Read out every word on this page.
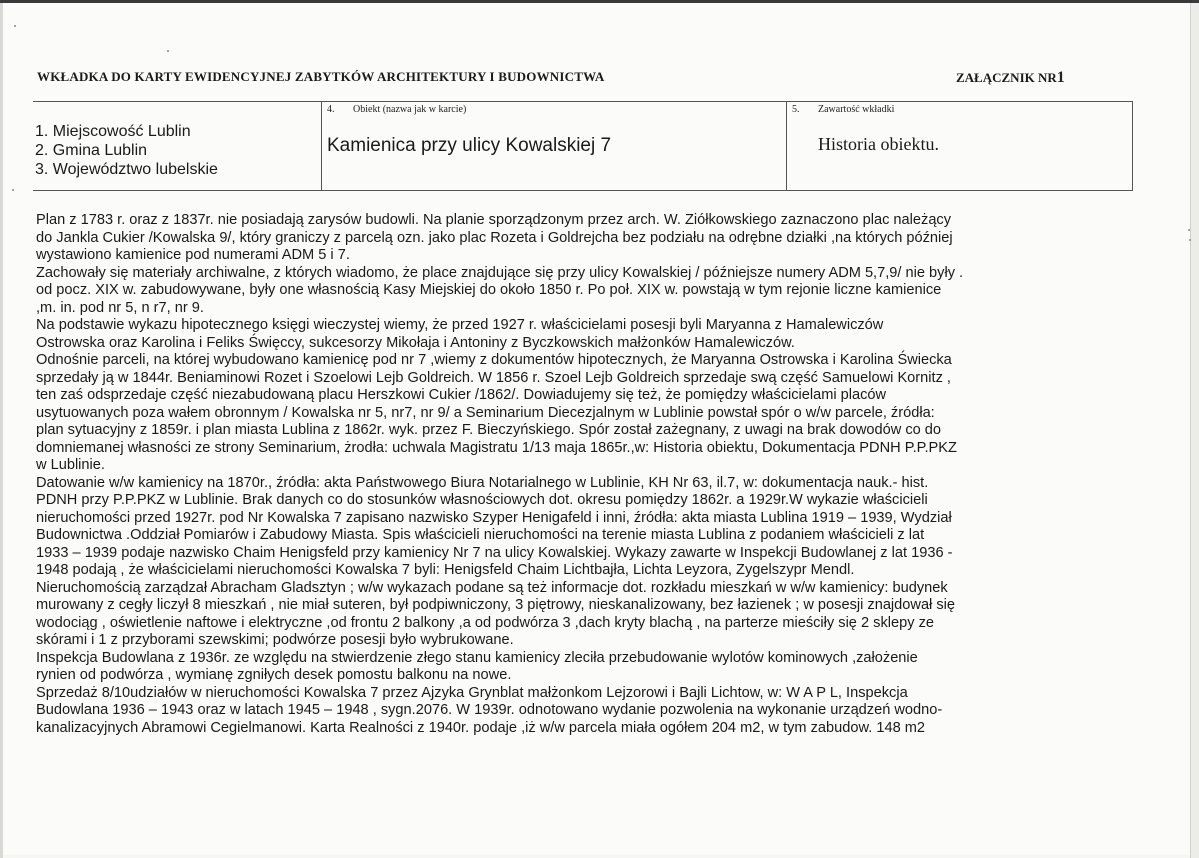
WKŁADKA DO KARTY EWIDENCYJNEJ ZABYTKÓW ARCHITEKTURY I BUDOWNICTWA	ZAŁĄCZNIK NR1
1. Miejscowość Lublin
2. Gmina Lublin
3. Województwo lubelskie
4. Obiekt (nazwa jak w karcie)
Kamienica przy ulicy Kowalskiej 7
5. Zawartość wkładki
Historia obiektu.

Plan z 1783 r. oraz z 1837r. nie posiadają zarysów budowli. Na planie sporządzonym przez arch. W. Ziółkowskiego zaznaczono plac należący

do Jankla Cukier /Kowalska 9/, który graniczy z parcelą ozn. jako plac Rozeta i Goldrejcha bez podziału na odrębne działki ,na których później

wystawiono kamienice pod numerami ADM 5 i 7.

Zachowały się materiały archiwalne, z których wiadomo, że place znajdujące się przy ulicy Kowalskiej / późniejsze numery ADM 5,7,9/ nie były .

od pocz. XIX w. zabudowywane, były one własnością Kasy Miejskiej do około 1850 r. Po poł. XIX w. powstają w tym rejonie liczne kamienice

,m. in. pod nr 5, n r7, nr 9.

Na podstawie wykazu hipotecznego księgi wieczystej wiemy, że przed 1927 r. właścicielami posesji byli Maryanna z Hamalewiczów

Ostrowska oraz Karolina i Feliks Święccy, sukcesorzy Mikołaja i Antoniny z Byczkowskich małżonków Hamalewiczów.

Odnośnie parceli, na której wybudowano kamienicę pod nr 7 ,wiemy z dokumentów hipotecznych, że Maryanna Ostrowska i Karolina Świecka

sprzedały ją w 1844r. Beniaminowi Rozet i Szoelowi Lejb Goldreich. W 1856 r. Szoel Lejb Goldreich sprzedaje swą część Samuelowi Kornitz ,

ten zaś odsprzedaje część niezabudowaną placu Herszkowi Cukier /1862/. Dowiadujemy się też, że pomiędzy właścicielami placów

usytuowanych poza wałem obronnym / Kowalska nr 5, nr7, nr 9/ a Seminarium Diecezjalnym w Lublinie powstał spór o w/w parcele, źródła:

plan sytuacyjny z 1859r. i plan miasta Lublina z 1862r. wyk. przez F. Bieczyńskiego. Spór został zażegnany, z uwagi na brak dowodów co do

domniemanej własności ze strony Seminarium, żrodła: uchwala Magistratu 1/13 maja 1865r.,w: Historia obiektu, Dokumentacja PDNH P.P.PKZ

w Lublinie.

Datowanie w/w kamienicy na 1870r., źródła: akta Państwowego Biura Notarialnego w Lublinie, KH Nr 63, il.7, w: dokumentacja nauk.- hist.

PDNH przy P.P.PKZ w Lublinie. Brak danych co do stosunków własnościowych dot. okresu pomiędzy 1862r. a 1929r.W wykazie właścicieli

nieruchomości przed 1927r. pod Nr Kowalska 7 zapisano nazwisko Szyper Henigafeld i inni, źródła: akta miasta Lublina 1919 – 1939, Wydział

Budownictwa .Oddział Pomiarów i Zabudowy Miasta. Spis właścicieli nieruchomości na terenie miasta Lublina z podaniem właścicieli z lat

1933 – 1939 podaje nazwisko Chaim Henigsfeld przy kamienicy Nr 7 na ulicy Kowalskiej. Wykazy zawarte w Inspekcji Budowlanej z lat 1936 -

1948 podają , że właścicielami nieruchomości Kowalska 7 byli: Henigsfeld Chaim Lichtbajła, Lichta Leyzora, Zygelszypr Mendl.

Nieruchomością zarządzał Abracham Gladsztyn ; w/w wykazach podane są też informacje dot. rozkładu mieszkań w w/w kamienicy: budynek

murowany z cegły liczył 8 mieszkań , nie miał suteren, był podpiwniczony, 3 piętrowy, nieskanalizowany, bez łazienek ; w posesji znajdował się

wodociąg , oświetlenie naftowe i elektryczne ,od frontu 2 balkony ,a od podwórza 3 ,dach kryty blachą , na parterze mieściły się 2 sklepy ze

skórami i 1 z przyborami szewskimi; podwórze posesji było wybrukowane.

Inspekcja Budowlana z 1936r. ze względu na stwierdzenie złego stanu kamienicy zleciła przebudowanie wylotów kominowych ,założenie

rynien od podwórza , wymianę zgniłych desek pomostu balkonu na nowe.

Sprzedaż 8/10udziałów w nieruchomości Kowalska 7 przez Ajzyka Grynblat małżonkom Lejzorowi i Bajli Lichtow, w: W A P L, Inspekcja

Budowlana 1936 – 1943 oraz w latach 1945 – 1948 , sygn.2076. W 1939r. odnotowano wydanie pozwolenia na wykonanie urządzeń wodno-

kanalizacyjnych Abramowi Cegielmanowi. Karta Realności z 1940r. podaje ,iż w/w parcela miała ogółem 204 m2, w tym zabudow. 148 m2
